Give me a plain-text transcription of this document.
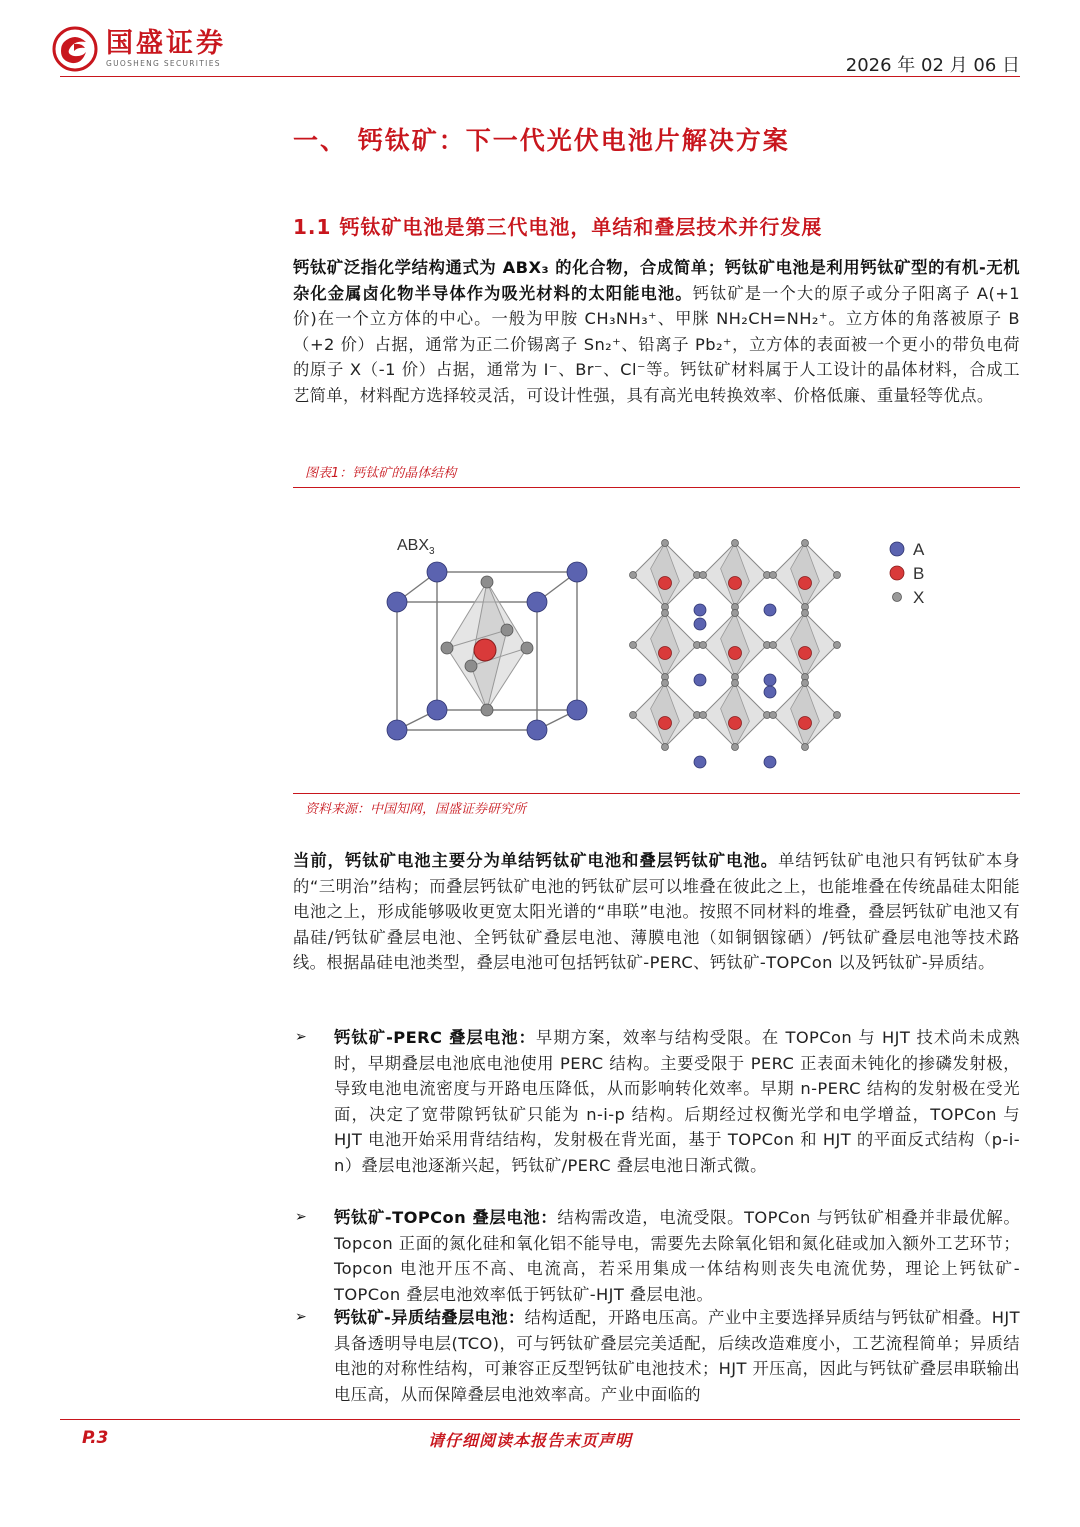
国盛证券
GUOSHENG SECURITIES	2026 年 02 月 06 日
一、 钙钛矿：下一代光伏电池片解决方案
1.1 钙钛矿电池是第三代电池，单结和叠层技术并行发展
钙钛矿泛指化学结构通式为 ABX₃ 的化合物，合成简单；钙钛矿电池是利用钙钛矿型的有机-无机杂化金属卤化物半导体作为吸光材料的太阳能电池。钙钛矿是一个大的原子或分子阳离子 A(+1 价)在一个立方体的中心。一般为甲胺 CH₃NH₃⁺、甲脒 NH₂CH=NH₂⁺。立方体的角落被原子 B（+2 价）占据，通常为正二价锡离子 Sn₂⁺、铅离子 Pb₂⁺，立方体的表面被一个更小的带负电荷的原子 X（-1 价）占据，通常为 I⁻、Br⁻、Cl⁻等。钙钛矿材料属于人工设计的晶体材料，合成工艺简单，材料配方选择较灵活，可设计性强，具有高光电转换效率、价格低廉、重量轻等优点。
图表1：钙钛矿的晶体结构
$ABX_3$	A
B
X
资料来源：中国知网，国盛证券研究所
当前，钙钛矿电池主要分为单结钙钛矿电池和叠层钙钛矿电池。单结钙钛矿电池只有钙钛矿本身的“三明治”结构；而叠层钙钛矿电池的钙钛矿层可以堆叠在彼此之上，也能堆叠在传统晶硅太阳能电池之上，形成能够吸收更宽太阳光谱的“串联”电池。按照不同材料的堆叠，叠层钙钛矿电池又有晶硅/钙钛矿叠层电池、全钙钛矿叠层电池、薄膜电池（如铜铟镓硒）/钙钛矿叠层电池等技术路线。根据晶硅电池类型，叠层电池可包括钙钛矿-PERC、钙钛矿-TOPCon 以及钙钛矿-异质结。
➢ 钙钛矿-PERC 叠层电池：早期方案，效率与结构受限。在 TOPCon 与 HJT 技术尚未成熟时，早期叠层电池底电池使用 PERC 结构。主要受限于 PERC 正表面未钝化的掺磷发射极，导致电池电流密度与开路电压降低，从而影响转化效率。早期 n-PERC 结构的发射极在受光面，决定了宽带隙钙钛矿只能为 n-i-p 结构。后期经过权衡光学和电学增益，TOPCon 与 HJT 电池开始采用背结结构，发射极在背光面，基于 TOPCon 和 HJT 的平面反式结构（p-i-n）叠层电池逐渐兴起，钙钛矿/PERC 叠层电池日渐式微。
➢ 钙钛矿-TOPCon 叠层电池：结构需改造，电流受限。TOPCon 与钙钛矿相叠并非最优解。Topcon 正面的氮化硅和氧化铝不能导电，需要先去除氧化铝和氮化硅或加入额外工艺环节；Topcon 电池开压不高、电流高，若采用集成一体结构则丧失电流优势，理论上钙钛矿-TOPCon 叠层电池效率低于钙钛矿-HJT 叠层电池。
➢ 钙钛矿-异质结叠层电池：结构适配，开路电压高。产业中主要选择异质结与钙钛矿相叠。HJT 具备透明导电层(TCO)，可与钙钛矿叠层完美适配，后续改造难度小，工艺流程简单；异质结电池的对称性结构，可兼容正反型钙钛矿电池技术；HJT 开压高，因此与钙钛矿叠层串联输出电压高，从而保障叠层电池效率高。产业中面临的
P.3	请仔细阅读本报告末页声明
